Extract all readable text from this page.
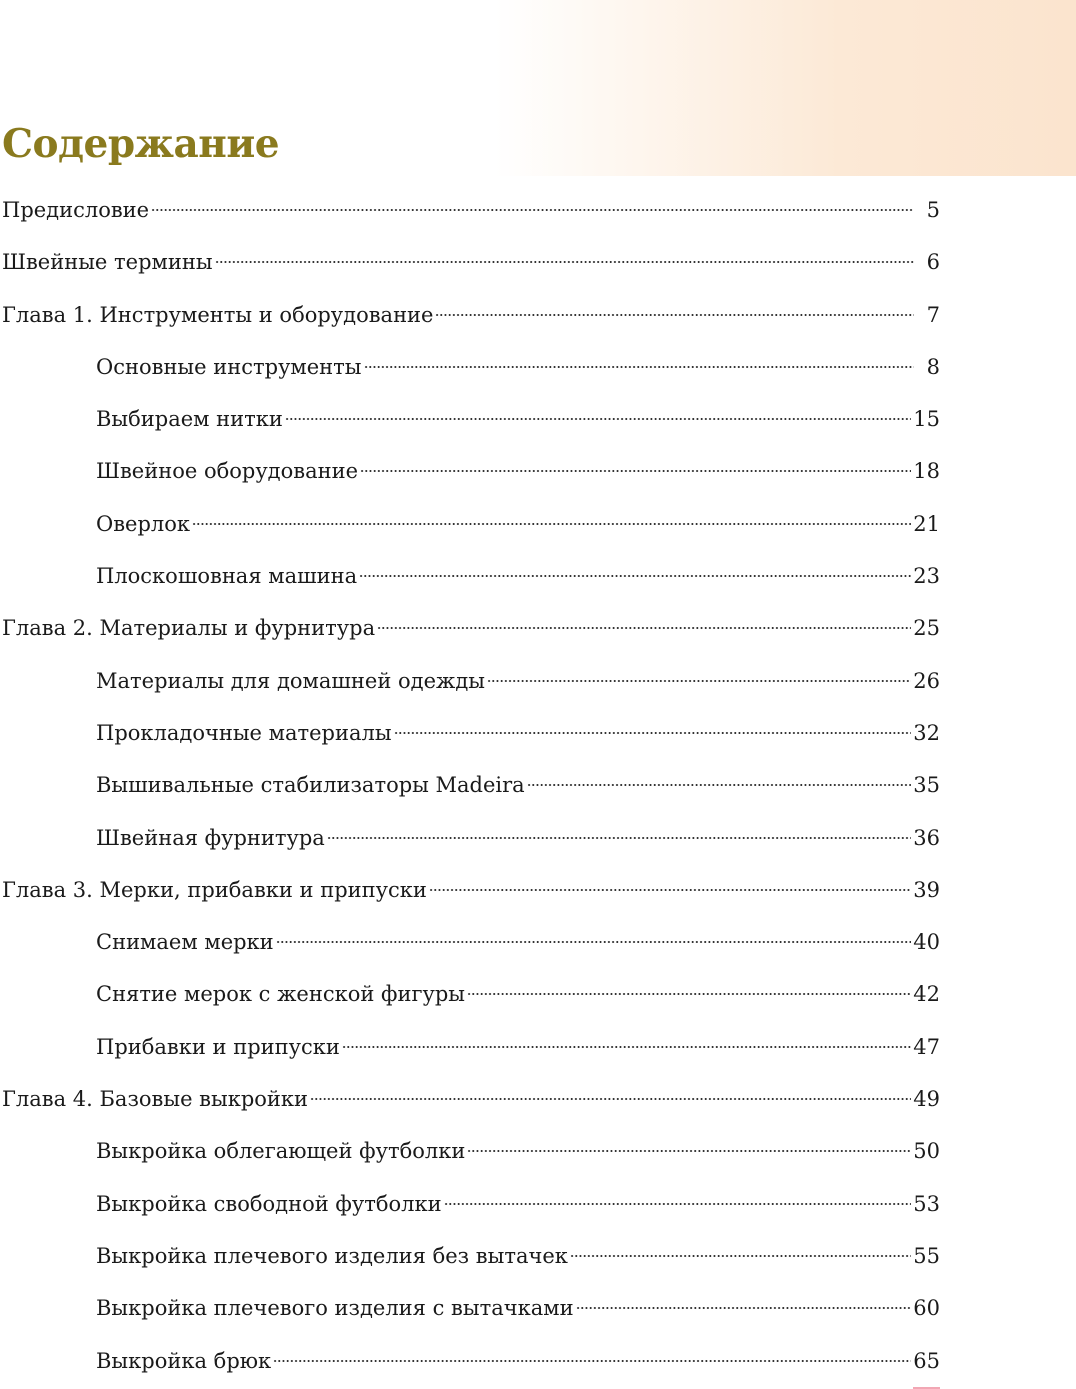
Содержание
Предисловие	5
Швейные термины	6
Глава 1. Инструменты и оборудование	7
Основные инструменты	8
Выбираем нитки	15
Швейное оборудование	18
Оверлок	21
Плоскошовная машина	23
Глава 2. Материалы и фурнитура	25
Материалы для домашней одежды	26
Прокладочные материалы	32
Вышивальные стабилизаторы Madeira	35
Швейная фурнитура	36
Глава 3. Мерки, прибавки и припуски	39
Снимаем мерки	40
Снятие мерок с женской фигуры	42
Прибавки и припуски	47
Глава 4. Базовые выкройки	49
Выкройка облегающей футболки	50
Выкройка свободной футболки	53
Выкройка плечевого изделия без вытачек	55
Выкройка плечевого изделия с вытачками	60
Выкройка брюк	65
